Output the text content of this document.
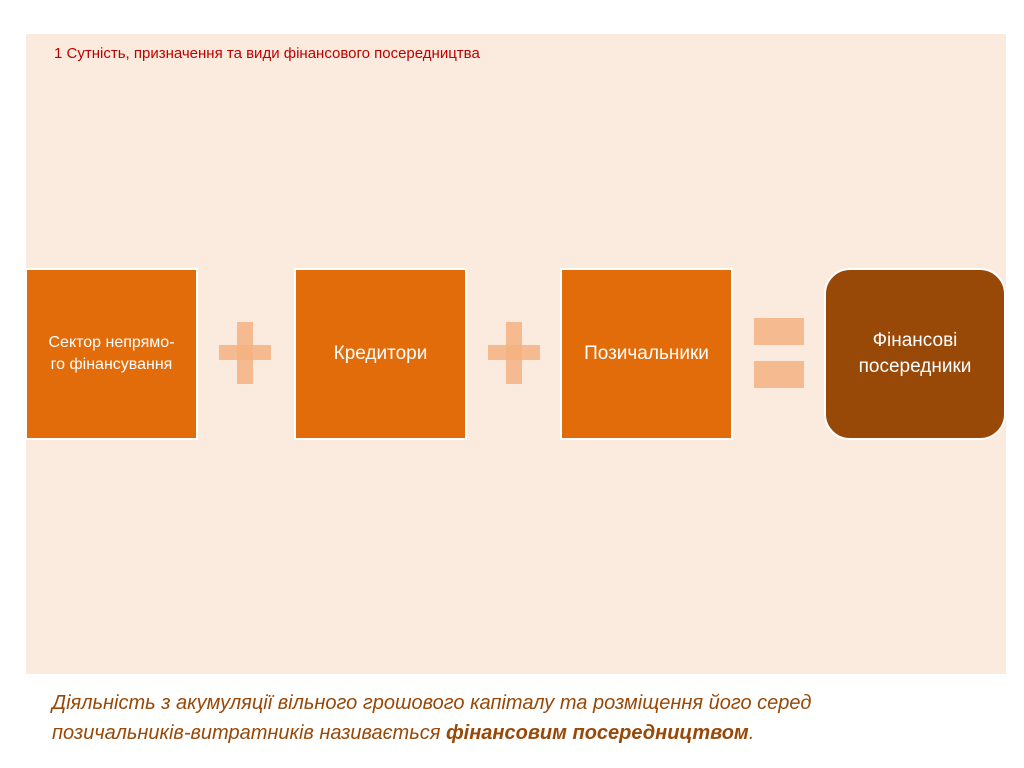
1 Сутність, призначення та види фінансового посередництва
Сектор непрямо-
го фінансування
Кредитори	Позичальники
Фінансові
посередники
Діяльність з акумуляції вільного грошового капіталу та розміщення його серед
позичальників-витратників називається фінансовим посередництвом.
